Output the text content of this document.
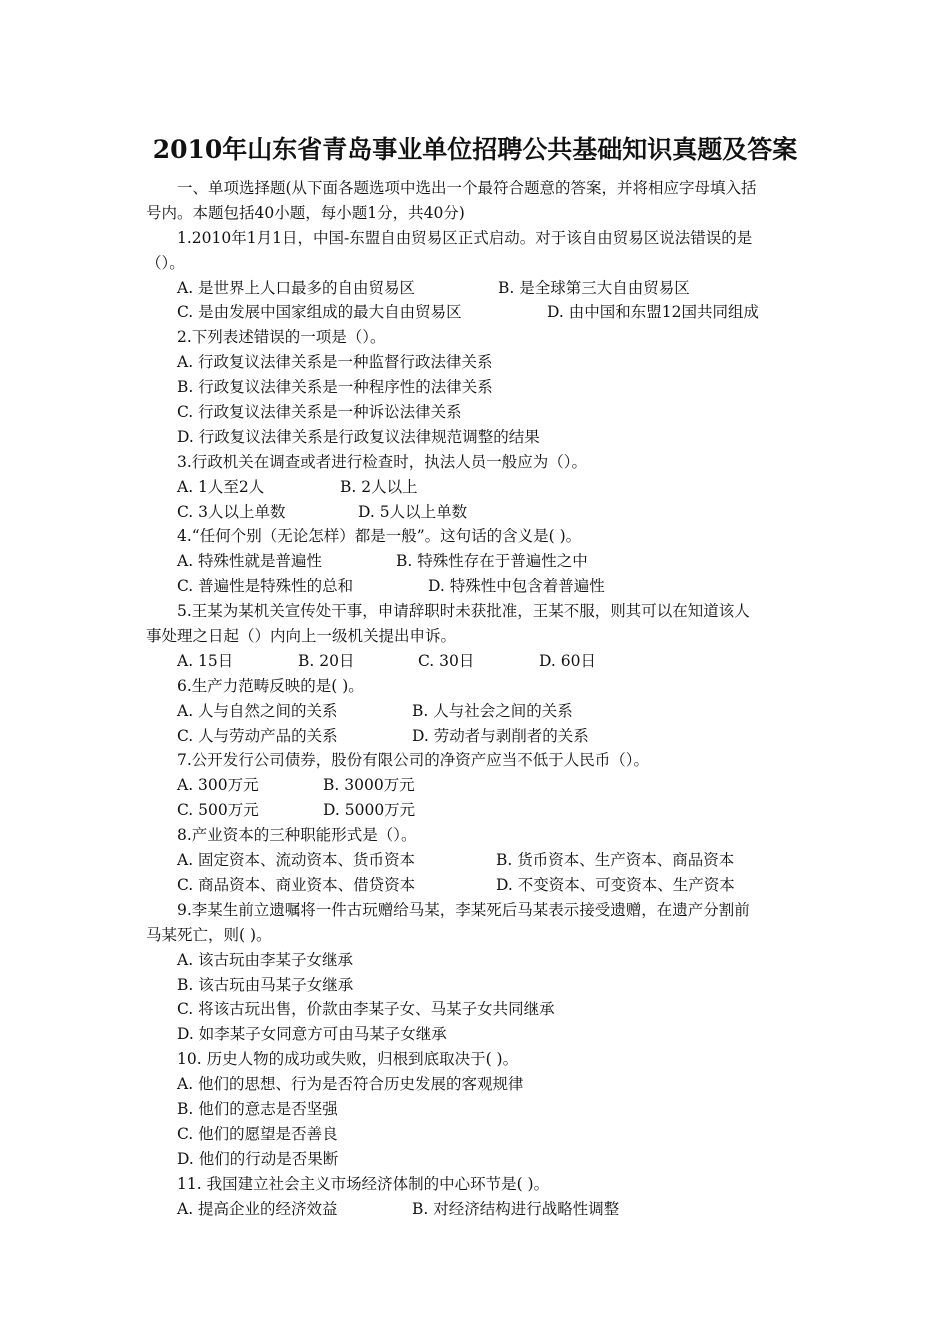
2010年山东省青岛事业单位招聘公共基础知识真题及答案
一、单项选择题(从下面各题选项中选出一个最符合题意的答案，并将相应字母填入括
号内。本题包括40小题，每小题1分，共40分)
1.2010年1月1日，中国-东盟自由贸易区正式启动。对于该自由贸易区说法错误的是
（）。
A. 是世界上人口最多的自由贸易区	B. 是全球第三大自由贸易区
C. 是由发展中国家组成的最大自由贸易区	D. 由中国和东盟12国共同组成
2.下列表述错误的一项是（）。
A. 行政复议法律关系是一种监督行政法律关系
B. 行政复议法律关系是一种程序性的法律关系
C. 行政复议法律关系是一种诉讼法律关系
D. 行政复议法律关系是行政复议法律规范调整的结果
3.行政机关在调查或者进行检查时，执法人员一般应为（）。
A. 1人至2人	B. 2人以上
C. 3人以上单数	D. 5人以上单数
4.“任何个别（无论怎样）都是一般”。这句话的含义是( )。
A. 特殊性就是普遍性	B. 特殊性存在于普遍性之中
C. 普遍性是特殊性的总和	D. 特殊性中包含着普遍性
5.王某为某机关宣传处干事，申请辞职时未获批准，王某不服，则其可以在知道该人
事处理之日起（）内向上一级机关提出申诉。
A. 15日	B. 20日	C. 30日	D. 60日
6.生产力范畴反映的是( )。
A. 人与自然之间的关系	B. 人与社会之间的关系
C. 人与劳动产品的关系	D. 劳动者与剥削者的关系
7.公开发行公司债券，股份有限公司的净资产应当不低于人民币（）。
A. 300万元	B. 3000万元
C. 500万元	D. 5000万元
8.产业资本的三种职能形式是（）。
A. 固定资本、流动资本、货币资本	B. 货币资本、生产资本、商品资本
C. 商品资本、商业资本、借贷资本	D. 不变资本、可变资本、生产资本
9.李某生前立遗嘱将一件古玩赠给马某，李某死后马某表示接受遗赠，在遗产分割前
马某死亡，则( )。
A. 该古玩由李某子女继承
B. 该古玩由马某子女继承
C. 将该古玩出售，价款由李某子女、马某子女共同继承
D. 如李某子女同意方可由马某子女继承
10. 历史人物的成功或失败，归根到底取决于( )。
A. 他们的思想、行为是否符合历史发展的客观规律
B. 他们的意志是否坚强
C. 他们的愿望是否善良
D. 他们的行动是否果断
11. 我国建立社会主义市场经济体制的中心环节是( )。
A. 提高企业的经济效益	B. 对经济结构进行战略性调整
